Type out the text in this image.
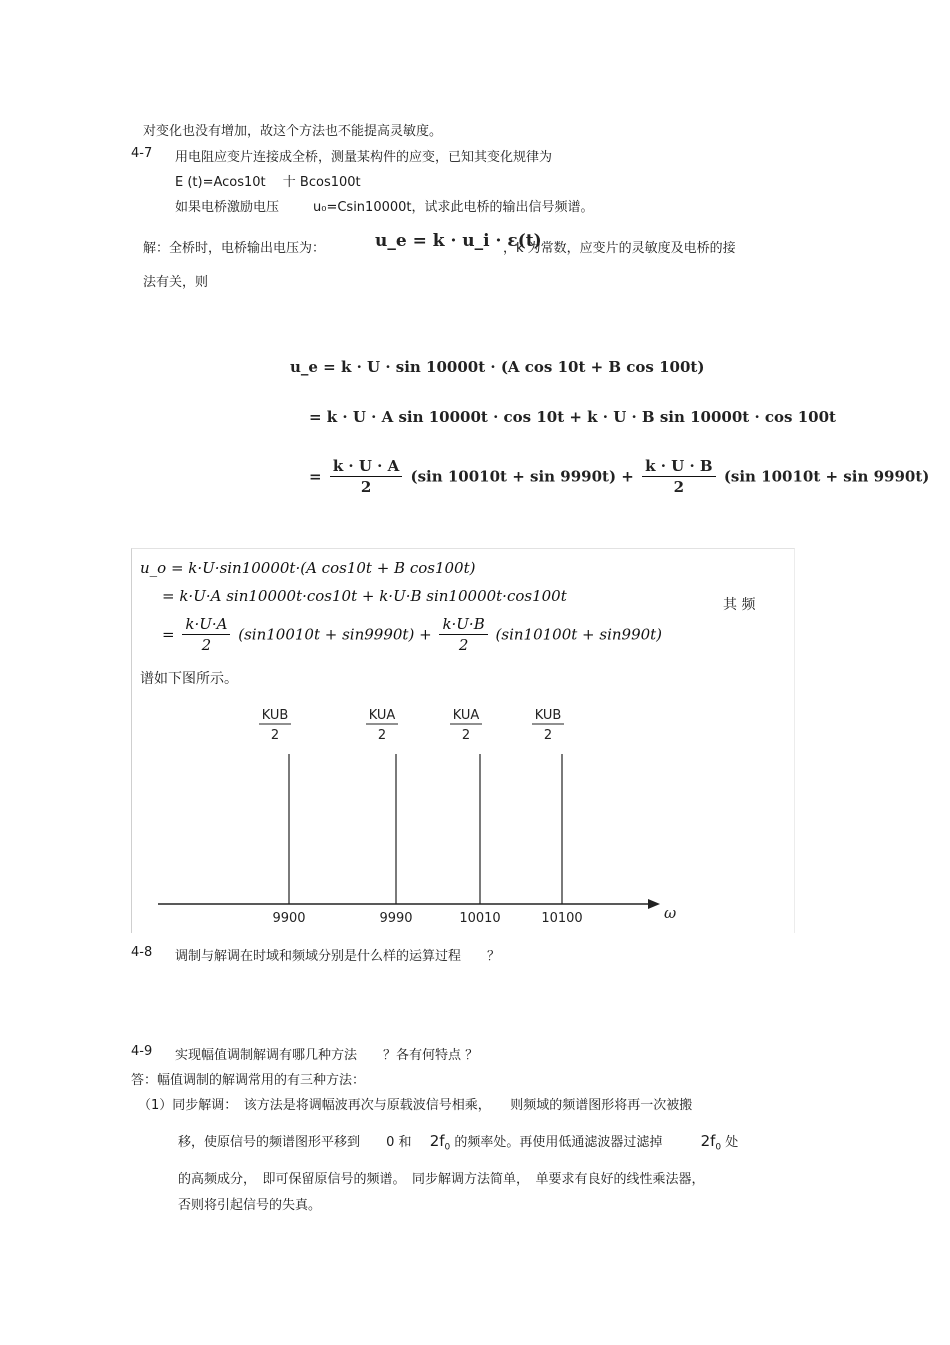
对变化也没有增加，故这个方法也不能提高灵敏度。
4-7 用电阻应变片连接成全桥，测量某构件的应变，已知其变化规律为
E (t)=Acos10t　 十 Bcos100t
如果电桥激励电压	u₀=Csin10000t，试求此电桥的输出信号频谱。
解：全桥时，电桥输出电压为：	u_e = k · u_i · ε(t)
，k 为常数，应变片的灵敏度及电桥的接
法有关，则
u_e = k · U · sin 10000t · (A cos 10t + B cos 100t)
= k · U · A sin 10000t · cos 10t + k · U · B sin 10000t · cos 100t
= $\frac{k \cdot U \cdot A}{2} (\sin$ $10010t + \sin 9990t) + \frac{k \cdot U \cdot B}{2} (\sin$ 10010t + sin 9990t)
u_o = k·U·sin10000t·(A cos10t + B cos100t)
= k·U·A sin10000t·cos10t + k·U·B sin10000t·cos100t
= $\frac{k\cdot U\cdot A}{2} (\sin 10010t + \sin 9990t) + \frac{k\cdot U\cdot B}{2} (\sin 10100t + \sin 990t)$
其 频
谱如下图所示。
ω
9900
KUB
2
9990
KUA
2
10010
KUA
2
10100
KUB
2
4-8 调制与解调在时域和频域分别是什么样的运算过程　　？
4-9 实现幅值调制解调有哪几种方法　　？各有何特点 ？
答：幅值调制的解调常用的有三种方法：
（1）同步解调：　该方法是将调幅波再次与原载波信号相乘，　　则频域的频谱图形将再一次被搬
移，使原信号的频谱图形平移到 0 和 $2f_0$ 的频率处。再使用低通滤波器过滤掉	$2f_0$ 处
的高频成分，　即可保留原信号的频谱。　同步解调方法简单，　单要求有良好的线性乘法器，
否则将引起信号的失真。
